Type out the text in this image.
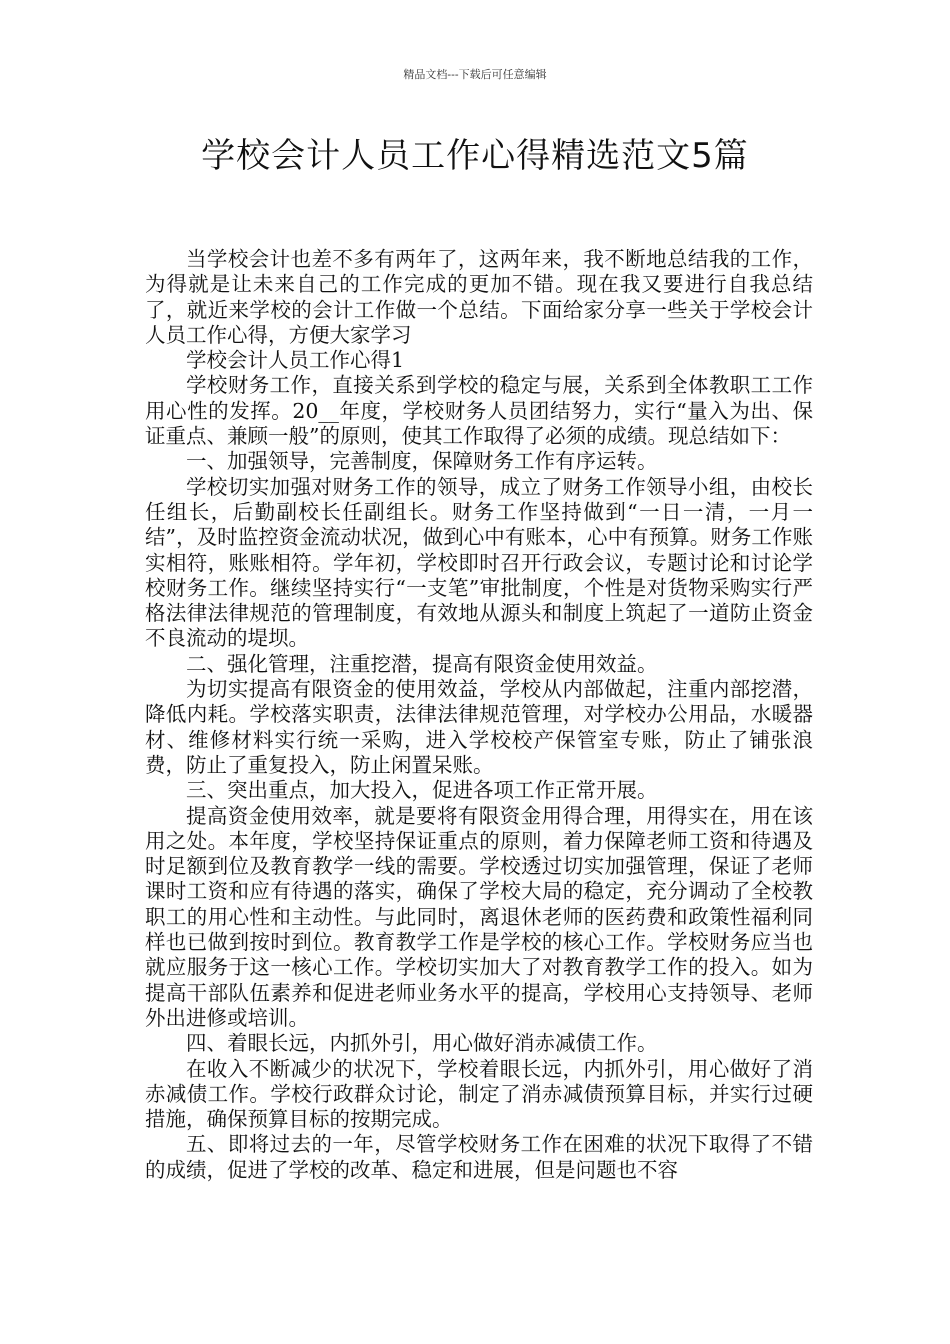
精品文档---下载后可任意编辑
学校会计人员工作心得精选范文5篇

当学校会计也差不多有两年了，这两年来，我不断地总结我的工作，为得就是让未来自己的工作完成的更加不错。现在我又要进行自我总结了，就近来学校的会计工作做一个总结。下面给家分享一些关于学校会计人员工作心得，方便大家学习

学校会计人员工作心得1

学校财务工作，直接关系到学校的稳定与展，关系到全体教职工工作用心性的发挥。20__年度，学校财务人员团结努力，实行“量入为出、保证重点、兼顾一般”的原则，使其工作取得了必须的成绩。现总结如下：

一、加强领导，完善制度，保障财务工作有序运转。

学校切实加强对财务工作的领导，成立了财务工作领导小组，由校长任组长，后勤副校长任副组长。财务工作坚持做到“一日一清，一月一结”，及时监控资金流动状况，做到心中有账本，心中有预算。财务工作账实相符，账账相符。学年初，学校即时召开行政会议，专题讨论和讨论学校财务工作。继续坚持实行“一支笔”审批制度，个性是对货物采购实行严格法律法律规范的管理制度，有效地从源头和制度上筑起了一道防止资金不良流动的堤坝。

二、强化管理，注重挖潜，提高有限资金使用效益。

为切实提高有限资金的使用效益，学校从内部做起，注重内部挖潜，降低内耗。学校落实职责，法律法律规范管理，对学校办公用品，水暖器材、维修材料实行统一采购，进入学校校产保管室专账，防止了铺张浪费，防止了重复投入，防止闲置呆账。

三、突出重点，加大投入，促进各项工作正常开展。

提高资金使用效率，就是要将有限资金用得合理，用得实在，用在该用之处。本年度，学校坚持保证重点的原则，着力保障老师工资和待遇及时足额到位及教育教学一线的需要。学校透过切实加强管理，保证了老师课时工资和应有待遇的落实，确保了学校大局的稳定，充分调动了全校教职工的用心性和主动性。与此同时，离退休老师的医药费和政策性福利同样也已做到按时到位。教育教学工作是学校的核心工作。学校财务应当也就应服务于这一核心工作。学校切实加大了对教育教学工作的投入。如为提高干部队伍素养和促进老师业务水平的提高，学校用心支持领导、老师外出进修或培训。

四、着眼长远，内抓外引，用心做好消赤减债工作。

在收入不断减少的状况下，学校着眼长远，内抓外引，用心做好了消赤减债工作。学校行政群众讨论，制定了消赤减债预算目标，并实行过硬措施，确保预算目标的按期完成。

五、即将过去的一年，尽管学校财务工作在困难的状况下取得了不错的成绩，促进了学校的改革、稳定和进展，但是问题也不容
